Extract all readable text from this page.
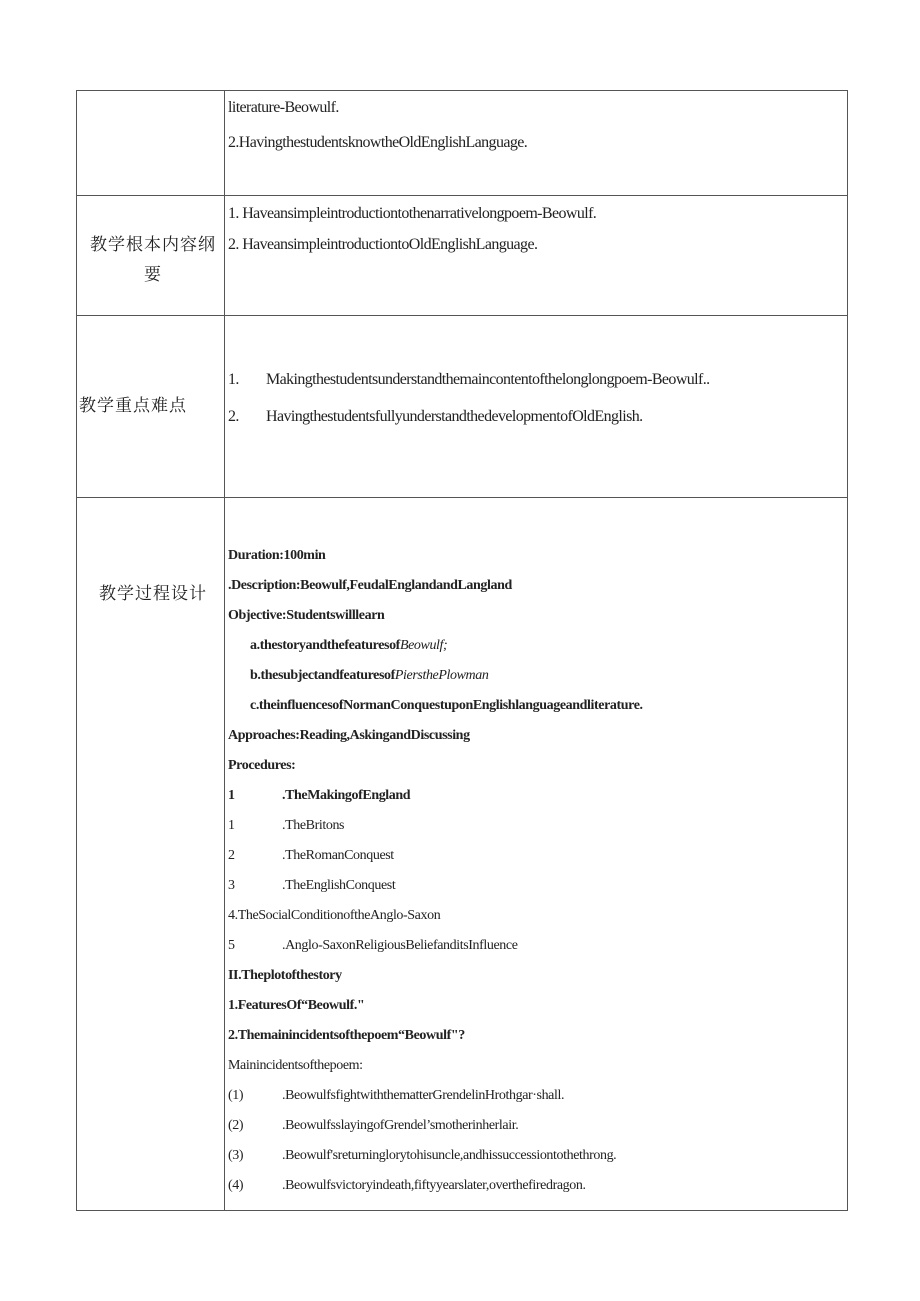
literature-Beowulf.
2.HavingthestudentsknowtheOldEnglishLanguage.
教学根本内容纲
要
1. Haveansimpleintroductiontothenarrativelongpoem-Beowulf.
2. HaveansimpleintroductiontoOldEnglishLanguage.
教学重点难点
1. Makingthestudentsunderstandthemaincontentofthelonglongpoem-Beowulf..
2. HavingthestudentsfullyunderstandthedevelopmentofOldEnglish.
教学过程设计
Duration:100min
.Description:Beowulf,FeudalEnglandandLangland
Objective:Studentswilllearn
a.thestoryandthefeaturesofBeowulf;
b.thesubjectandfeaturesofPiersthePlowman
c.theinfluencesofNormanConquestuponEnglishlanguageandliterature.
Approaches:Reading,AskingandDiscussing
Procedures:
1	.TheMakingofEngland
1	.TheBritons
2	.TheRomanConquest
3	.TheEnglishConquest
4.TheSocialConditionoftheAnglo-Saxon
5	.Anglo-SaxonReligiousBeliefanditsInfluence
II.Theplotofthestory
1.FeaturesOf“Beowulf."
2.Themainincidentsofthepoem“Beowulf"?
Mainincidentsofthepoem:
(1)	.BeowulfsfightwiththematterGrendelinHrothgar·shall.
(2)	.BeowulfsslayingofGrendel’smotherinherlair.
(3)	.Beowulf'sreturninglorytohisuncle,andhissuccessiontothethrong.
(4)	.Beowulfsvictoryindeath,fiftyyearslater,overthefiredragon.
